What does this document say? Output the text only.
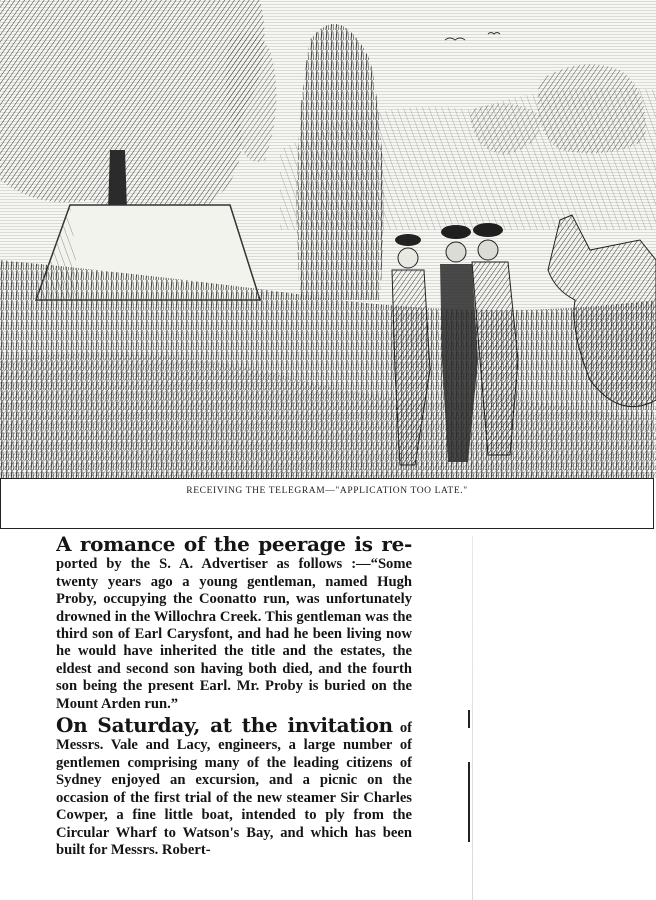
RECEIVING THE TELEGRAM—"APPLICATION TOO LATE."

A romance of the peerage is re- ported by the S. A. Advertiser as follows :—“Some twenty years ago a young gentleman, named Hugh Proby, occupying the Coonatto run, was unfortunately drowned in the Willochra Creek. This gentleman was the third son of Earl Carysfont, and had he been living now he would have inherited the title and the estates, the eldest and second son having both died, and the fourth son being the present Earl. Mr. Proby is buried on the Mount Arden run.”

On Saturday, at the invitation of Messrs. Vale and Lacy, engineers, a large number of gentlemen comprising many of the leading citizens of Sydney enjoyed an excursion, and a picnic on the occasion of the first trial of the new steamer Sir Charles Cowper, a fine little boat, intended to ply from the Circular Wharf to Watson's Bay, and which has been built for Messrs. Robert-
